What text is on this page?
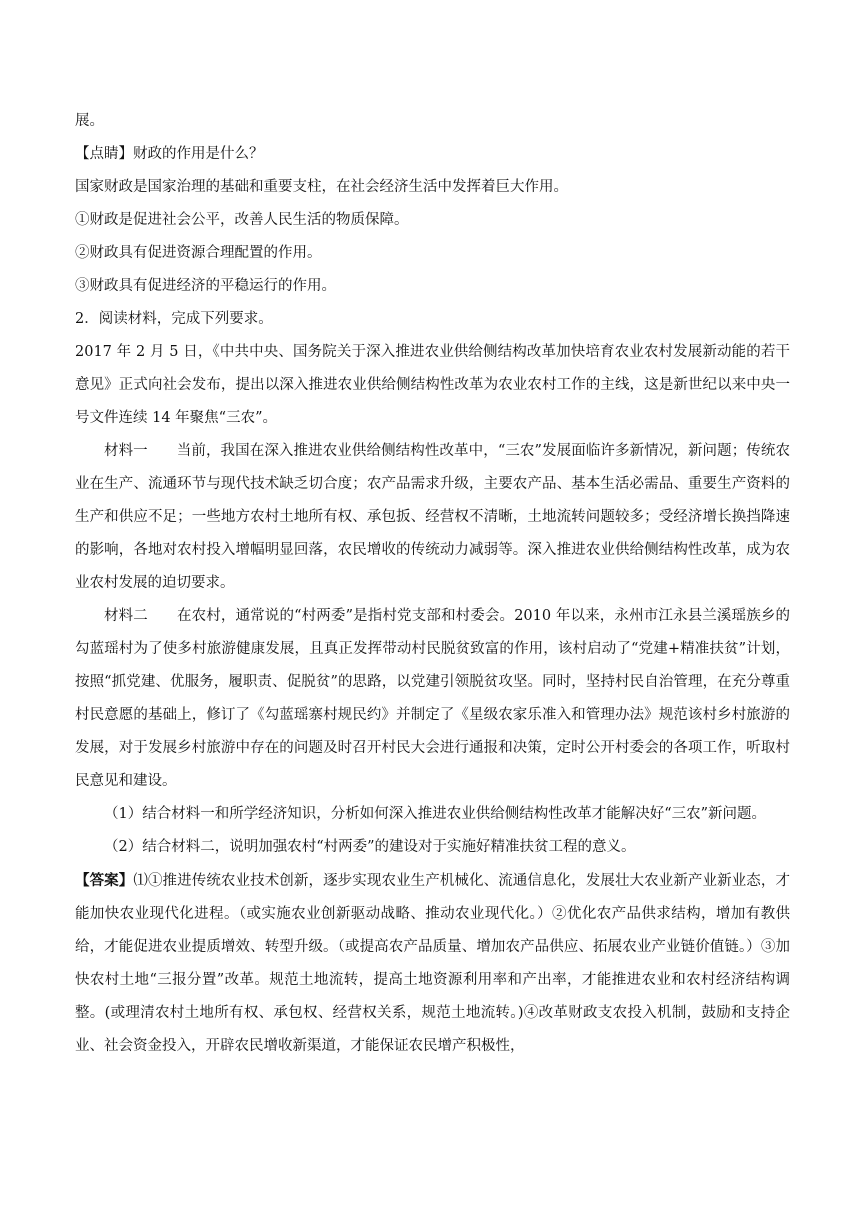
展。

【点睛】财政的作用是什么？

国家财政是国家治理的基础和重要支柱，在社会经济生活中发挥着巨大作用。

①财政是促进社会公平，改善人民生活的物质保障。

②财政具有促进资源合理配置的作用。

③财政具有促进经济的平稳运行的作用。

2．阅读材料，完成下列要求。

2017 年 2 月 5 日，《中共中央、国务院关于深入推进农业供给侧结构改革加快培育农业农村发展新动能的若干意见》正式向社会发布，提出以深入推进农业供给侧结构性改革为农业农村工作的主线，这是新世纪以来中央一号文件连续 14 年聚焦“三农”。

材料一 当前，我国在深入推进农业供给侧结构性改革中，“三农”发展面临许多新情况，新问题；传统农业在生产、流通环节与现代技术缺乏切合度；农产品需求升级，主要农产品、基本生活必需品、重要生产资料的生产和供应不足；一些地方农村土地所有权、承包扳、经营权不清晰，土地流转问题较多；受经济增长换挡降速的影响，各地对农村投入增幅明显回落，农民增收的传统动力减弱等。深入推进农业供给侧结构性改革，成为农业农村发展的迫切要求。

材料二 在农村，通常说的“村两委”是指村党支部和村委会。2010 年以来，永州市江永县兰溪瑶族乡的勾蓝瑶村为了使多村旅游健康发展，且真正发挥带动村民脱贫致富的作用，该村启动了“党建+精准扶贫”计划，按照“抓党建、优服务，履职责、促脱贫”的思路，以党建引领脱贫攻坚。同时，坚持村民自治管理，在充分尊重村民意愿的基础上，修订了《勾蓝瑶寨村规民约》并制定了《星级农家乐准入和管理办法》规范该村乡村旅游的发展，对于发展乡村旅游中存在的问题及时召开村民大会进行通报和决策，定时公开村委会的各项工作，听取村民意见和建设。

（1）结合材料一和所学经济知识，分析如何深入推进农业供给侧结构性改革才能解决好“三农”新问题。

（2）结合材料二，说明加强农村“村两委”的建设对于实施好精准扶贫工程的意义。

【答案】⑴①推进传统农业技术创新，逐步实现农业生产机械化、流通信息化，发展壮大农业新产业新业态，才能加快农业现代化进程。（或实施农业创新驱动战略、推动农业现代化。）②优化农产品供求结构，增加有教供给，才能促进农业提质增效、转型升级。（或提高农产品质量、增加农产品供应、拓展农业产业链价值链。）③加快农村土地“三报分置”改革。规范土地流转，提高土地资源利用率和产出率，才能推进农业和农村经济结构调整。(或理清农村土地所有权、承包权、经营权关系，规范土地流转。)④改革财政支农投入机制，鼓励和支持企业、社会资金投入，开辟农民增收新渠道，才能保证农民增产积极性，
